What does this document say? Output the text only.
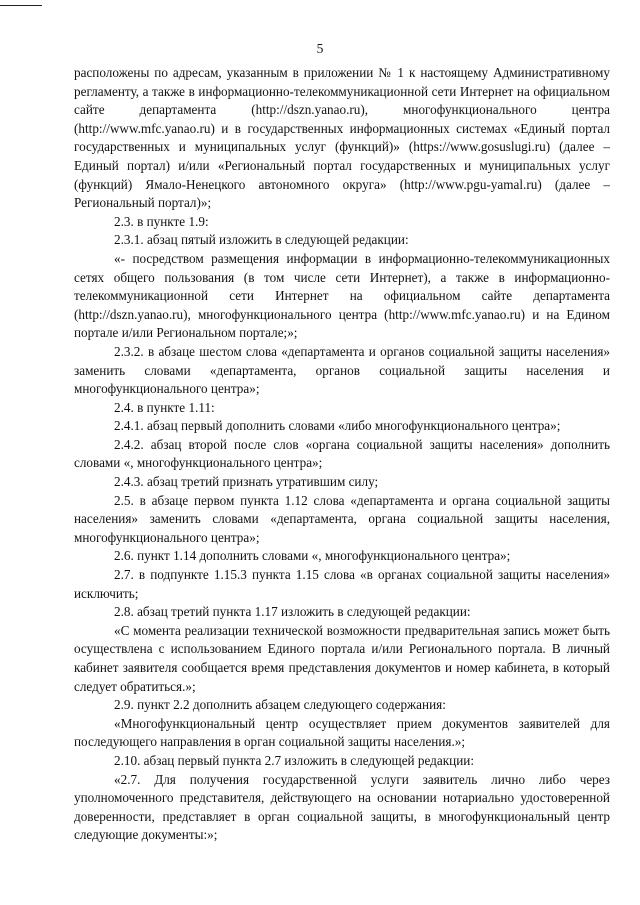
5

расположены по адресам, указанным в приложении № 1 к настоящему Административному регламенту, а также в информационно-телекоммуникационной сети Интернет на официальном сайте департамента (http://dszn.yanao.ru), многофункционального центра (http://www.mfc.yanao.ru) и в государственных информационных системах «Единый портал государственных и муниципальных услуг (функций)» (https://www.gosuslugi.ru) (далее – Единый портал) и/или «Региональный портал государственных и муниципальных услуг (функций) Ямало-Ненецкого автономного округа» (http://www.pgu-yamal.ru) (далее – Региональный портал)»;

2.3. в пункте 1.9:

2.3.1. абзац пятый изложить в следующей редакции:

«- посредством размещения информации в информационно-телекоммуникационных сетях общего пользования (в том числе сети Интернет), а также в информационно-телекоммуникационной сети Интернет на официальном сайте департамента (http://dszn.yanao.ru), многофункционального центра (http://www.mfc.yanao.ru) и на Едином портале и/или Региональном портале;»;

2.3.2. в абзаце шестом слова «департамента и органов социальной защиты населения» заменить словами «департамента, органов социальной защиты населения и многофункционального центра»;

2.4. в пункте 1.11:

2.4.1. абзац первый дополнить словами «либо многофункционального центра»;

2.4.2. абзац второй после слов «органа социальной защиты населения» дополнить словами «, многофункционального центра»;

2.4.3. абзац третий признать утратившим силу;

2.5. в абзаце первом пункта 1.12 слова «департамента и органа социальной защиты населения» заменить словами «департамента, органа социальной защиты населения, многофункционального центра»;

2.6. пункт 1.14 дополнить словами «, многофункционального центра»;

2.7. в подпункте 1.15.3 пункта 1.15 слова «в органах социальной защиты населения» исключить;

2.8. абзац третий пункта 1.17 изложить в следующей редакции:

«С момента реализации технической возможности предварительная запись может быть осуществлена с использованием Единого портала и/или Регионального портала. В личный кабинет заявителя сообщается время представления документов и номер кабинета, в который следует обратиться.»;

2.9. пункт 2.2 дополнить абзацем следующего содержания:

«Многофункциональный центр осуществляет прием документов заявителей для последующего направления в орган социальной защиты населения.»;

2.10. абзац первый пункта 2.7 изложить в следующей редакции:

«2.7. Для получения государственной услуги заявитель лично либо через уполномоченного представителя, действующего на основании нотариально удостоверенной доверенности, представляет в орган социальной защиты, в многофункциональный центр следующие документы:»;
